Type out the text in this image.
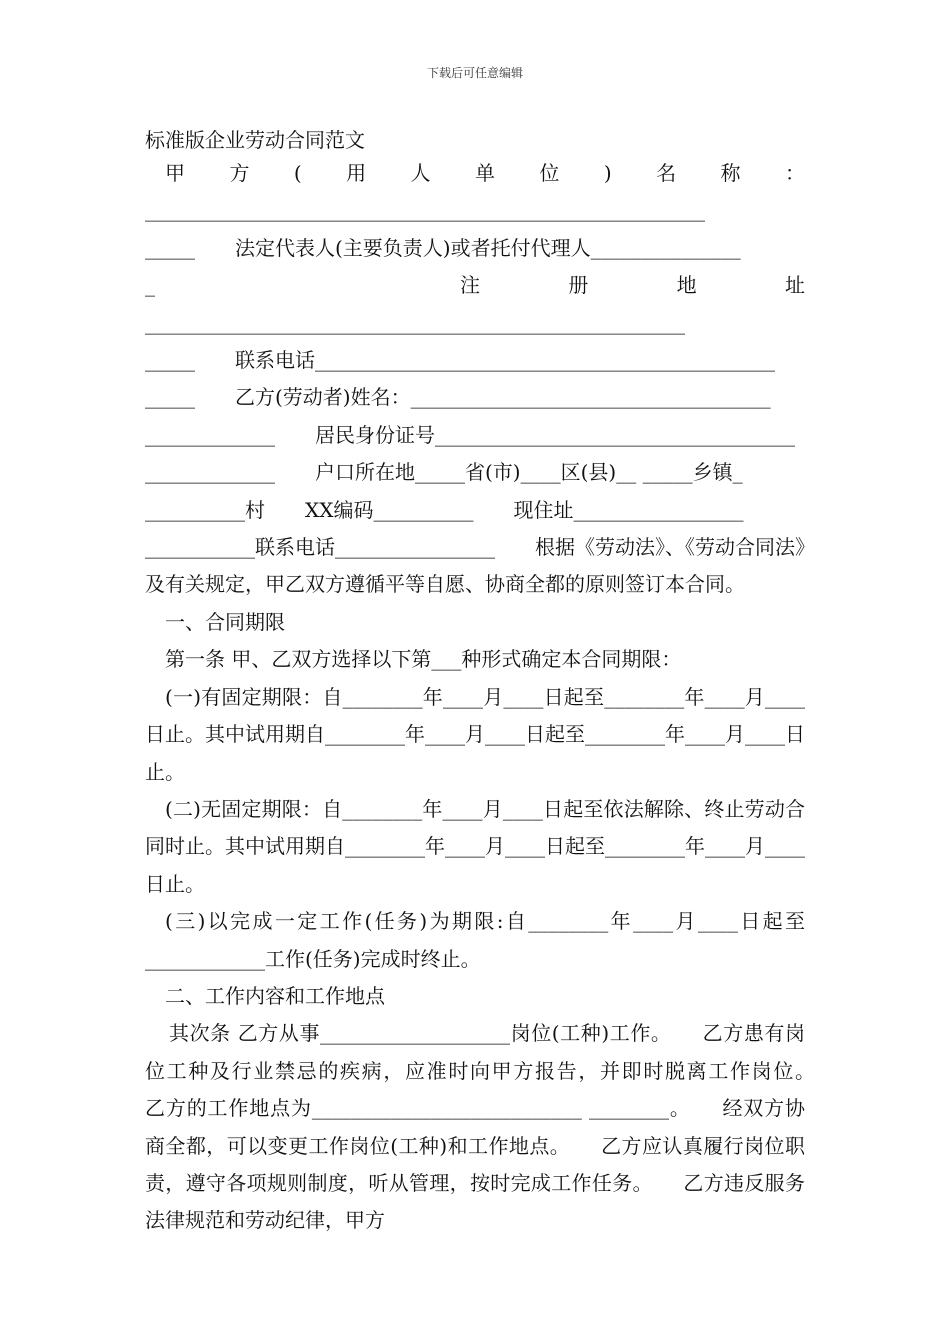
下载后可任意编辑
标准版企业劳动合同范文
甲方(用人单位)名称：________________________________________________________
_____　　法定代表人(主要负责人)或者托付代理人_______________
_　　注册地址______________________________________________________
_____　　联系电话______________________________________________
_____　　乙方(劳动者)姓名：____________________________________
_____________　　居民身份证号____________________________________
_____________　　户口所在地_____省(市)____区(县)__ _____乡镇_
__________村　　XX编码__________　　现住址_________________
___________联系电话________________　　根据《劳动法》、《劳动合同法》及有关规定，甲乙双方遵循平等自愿、协商全都的原则签订本合同。
一、合同期限
第一条 甲、乙双方选择以下第___种形式确定本合同期限：
(一)有固定期限：自________年____月____日起至________年____月____日止。其中试用期自________年____月____日起至________年____月____日止。
(二)无固定期限：自________年____月____日起至依法解除、终止劳动合同时止。其中试用期自________年____月____日起至________年____月____日止。
(三)以完成一定工作(任务)为期限:自________年____月____日起至____________工作(任务)完成时终止。
二、工作内容和工作地点
其次条 乙方从事___________________岗位(工种)工作。　　乙方患有岗位工种及行业禁忌的疾病，应准时向甲方报告，并即时脱离工作岗位。　　乙方的工作地点为___________________________ ________。　　经双方协商全都，可以变更工作岗位(工种)和工作地点。　　乙方应认真履行岗位职责，遵守各项规则制度，听从管理，按时完成工作任务。　　乙方违反服务法律规范和劳动纪律，甲方
